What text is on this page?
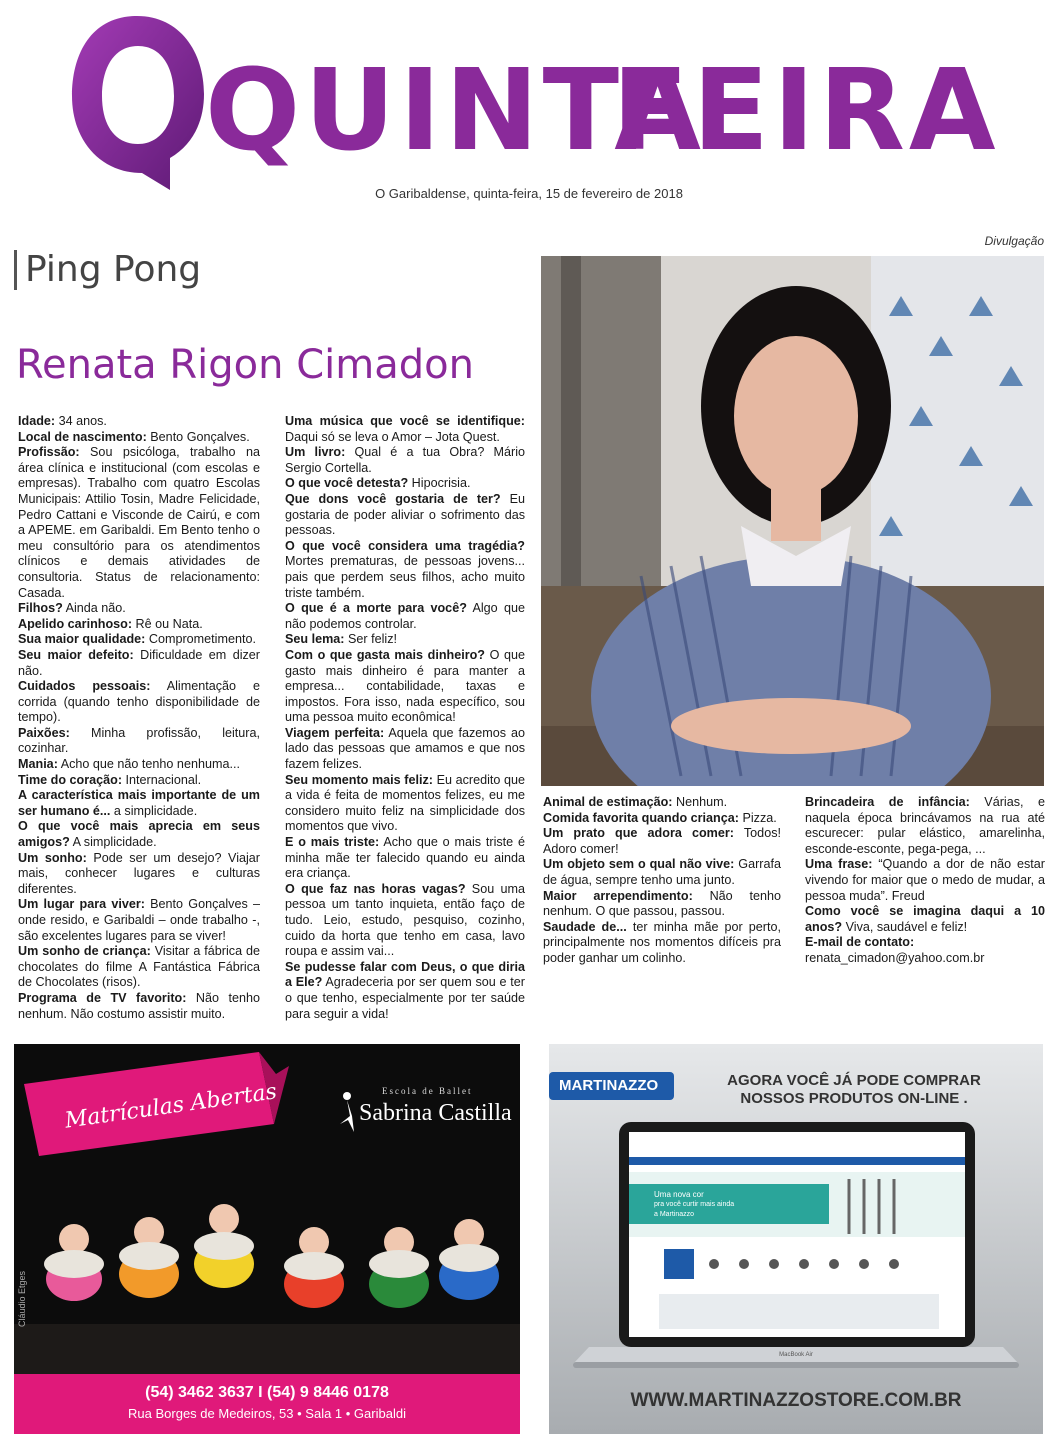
QUINTA
FEIRA
O Garibaldense, quinta-feira, 15 de fevereiro de 2018
Ping Pong
Divulgação
Renata Rigon Cimadon

Idade: 34 anos.

Local de nascimento: Bento Gonçalves.

Profissão: Sou psicóloga, trabalho na área clínica e institucional (com escolas e empresas). Trabalho com quatro Escolas Municipais: Attilio Tosin, Madre Felicidade, Pedro Cattani e Visconde de Cairú, e com a APEME. em Garibaldi. Em Bento tenho o meu consultório para os atendimentos clínicos e demais atividades de consultoria. Status de relacionamento: Casada.

Filhos? Ainda não.

Apelido carinhoso: Rê ou Nata.

Sua maior qualidade: Comprometimento.

Seu maior defeito: Dificuldade em dizer não.

Cuidados pessoais: Alimentação e corrida (quando tenho disponibilidade de tempo).

Paixões: Minha profissão, leitura, cozinhar.

Mania: Acho que não tenho nenhuma...

Time do coração: Internacional.

A característica mais importante de um ser humano é... a simplicidade.

O que você mais aprecia em seus amigos? A simplicidade.

Um sonho: Pode ser um desejo? Viajar mais, conhecer lugares e culturas diferentes.

Um lugar para viver: Bento Gonçalves – onde resido, e Garibaldi – onde trabalho -, são excelentes lugares para se viver!

Um sonho de criança: Visitar a fábrica de chocolates do filme A Fantástica Fábrica de Chocolates (risos).

Programa de TV favorito: Não tenho nenhum. Não costumo assistir muito.

Uma música que você se identifique: Daqui só se leva o Amor – Jota Quest.

Um livro: Qual é a tua Obra? Mário Sergio Cortella.

O que você detesta? Hipocrisia.

Que dons você gostaria de ter? Eu gostaria de poder aliviar o sofrimento das pessoas.

O que você considera uma tragédia? Mortes prematuras, de pessoas jovens... pais que perdem seus filhos, acho muito triste também.

O que é a morte para você? Algo que não podemos controlar.

Seu lema: Ser feliz!

Com o que gasta mais dinheiro? O que gasto mais dinheiro é para manter a empresa... contabilidade, taxas e impostos. Fora isso, nada específico, sou uma pessoa muito econômica!

Viagem perfeita: Aquela que fazemos ao lado das pessoas que amamos e que nos fazem felizes.

Seu momento mais feliz: Eu acredito que a vida é feita de momentos felizes, eu me considero muito feliz na simplicidade dos momentos que vivo.

E o mais triste: Acho que o mais triste é minha mãe ter falecido quando eu ainda era criança.

O que faz nas horas vagas? Sou uma pessoa um tanto inquieta, então faço de tudo. Leio, estudo, pesquiso, cozinho, cuido da horta que tenho em casa, lavo roupa e assim vai...

Se pudesse falar com Deus, o que diria a Ele? Agradeceria por ser quem sou e ter o que tenho, especialmente por ter saúde para seguir a vida!

Animal de estimação: Nenhum.

Comida favorita quando criança: Pizza.

Um prato que adora comer: Todos! Adoro comer!

Um objeto sem o qual não vive: Garrafa de água, sempre tenho uma junto.

Maior arrependimento: Não tenho nenhum. O que passou, passou.

Saudade de... ter minha mãe por perto, principalmente nos momentos difíceis pra poder ganhar um colinho.

Brincadeira de infância: Várias, e naquela época brincávamos na rua até escurecer: pular elástico, amarelinha, esconde-esconte, pega-pega, ...

Uma frase: “Quando a dor de não estar vivendo for maior que o medo de mudar, a pessoa muda”. Freud

Como você se imagina daqui a 10 anos? Viva, saudável e feliz!

E-mail de contato:

renata_cimadon@yahoo.com.br

Matrículas Abertas	Escola de Ballet
Sabrina Castilla
Cláudio Etges
(54) 3462 3637 I (54) 9 8446 0178
Rua Borges de Medeiros, 53 • Sala 1 • Garibaldi
MARTINAZZO	AGORA VOCÊ JÁ PODE COMPRAR
NOSSOS PRODUTOS ON-LINE .
Uma nova cor
pra você curtir mais ainda
a Martinazzo
MacBook Air
WWW.MARTINAZZOSTORE.COM.BR
